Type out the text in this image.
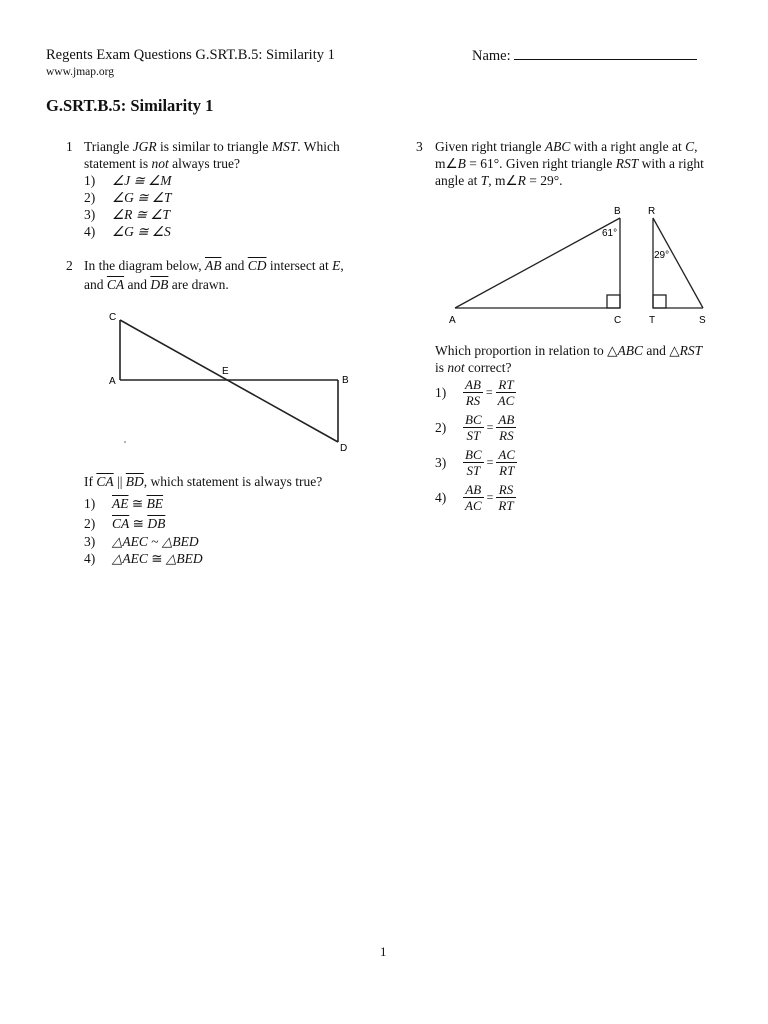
Regents Exam Questions G.SRT.B.5: Similarity 1
www.jmap.org
Name:
G.SRT.B.5: Similarity 1
1 Triangle JGR is similar to triangle MST. Which
statement is not always true?
1) ∠J ≅ ∠M
2) ∠G ≅ ∠T
3) ∠R ≅ ∠T
4) ∠G ≅ ∠S
2 In the diagram below, $\overline{AB}$ and $\overline{CD}$ intersect at E,
and $\overline{CA}$ and $\overline{DB}$ are drawn.
C
A
E
B
D
If $\overline{CA}$ || $\overline{BD}$, which statement is always true?
1) $\overline{AE}$ ≅ $\overline{BE}$
2) $\overline{CA}$ ≅ $\overline{DB}$
3) △AEC ~ △BED
4) △AEC ≅ △BED
3 Given right triangle ABC with a right angle at C,
m∠B = 61°. Given right triangle RST with a right
angle at T, m∠R = 29°.
B
61°
A	C
R
29°
T	S
Which proportion in relation to △ABC and △RST
is not correct?
$1) \frac{AB}{RS} = \frac{RT}{AC}$
$2) \frac{BC}{ST} = \frac{AB}{RS}$
$3) \frac{BC}{ST} = \frac{AC}{RT}$
$4) \frac{AB}{AC} = \frac{RS}{RT}$
1
